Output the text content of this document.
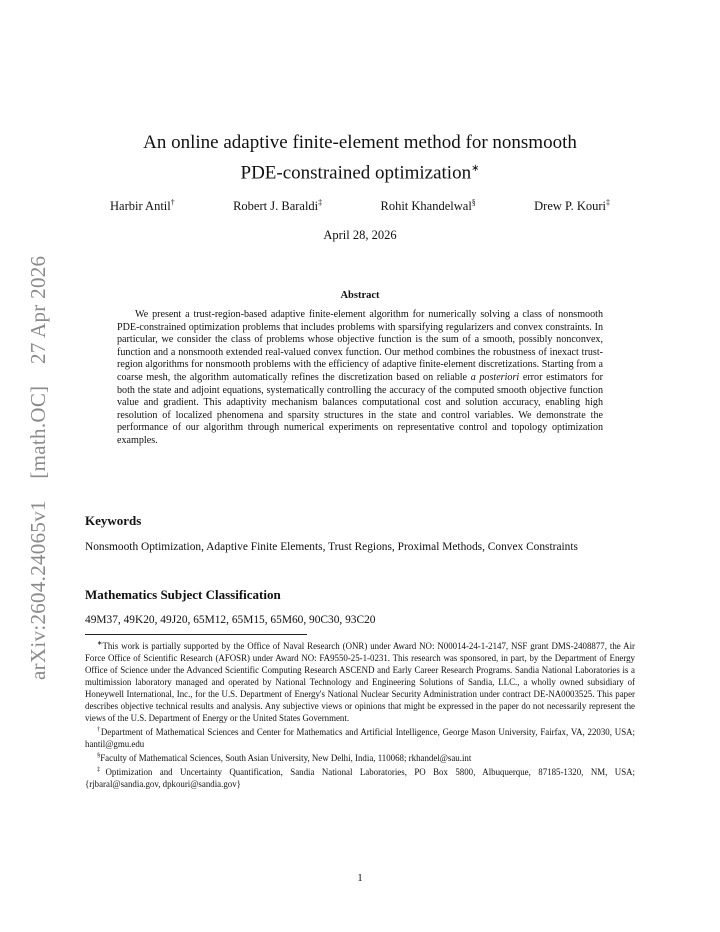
arXiv:2604.24065v1 [math.OC] 27 Apr 2026
An online adaptive finite-element method for nonsmooth
PDE-constrained optimization∗
Harbir Antil†	Robert J. Baraldi‡	Rohit Khandelwal§	Drew P. Kouri‡
April 28, 2026
Abstract
We present a trust-region-based adaptive finite-element algorithm for numerically solving a class of nonsmooth PDE-constrained optimization problems that includes problems with sparsifying regularizers and convex constraints. In particular, we consider the class of problems whose objective function is the sum of a smooth, possibly nonconvex, function and a nonsmooth extended real-valued convex function. Our method combines the robustness of inexact trust-region algorithms for nonsmooth problems with the efficiency of adaptive finite-element discretizations. Starting from a coarse mesh, the algorithm automatically refines the discretization based on reliable a posteriori error estimators for both the state and adjoint equations, systematically controlling the accuracy of the computed smooth objective function value and gradient. This adaptivity mechanism balances computational cost and solution accuracy, enabling high resolution of localized phenomena and sparsity structures in the state and control variables. We demonstrate the performance of our algorithm through numerical experiments on representative control and topology optimization examples.
Keywords
Nonsmooth Optimization, Adaptive Finite Elements, Trust Regions, Proximal Methods, Convex Constraints
Mathematics Subject Classification
49M37, 49K20, 49J20, 65M12, 65M15, 65M60, 90C30, 93C20

∗This work is partially supported by the Office of Naval Research (ONR) under Award NO: N00014-24-1-2147, NSF grant DMS-2408877, the Air Force Office of Scientific Research (AFOSR) under Award NO: FA9550-25-1-0231. This research was sponsored, in part, by the Department of Energy Office of Science under the Advanced Scientific Computing Research ASCEND and Early Career Research Programs. Sandia National Laboratories is a multimission laboratory managed and operated by National Technology and Engineering Solutions of Sandia, LLC., a wholly owned subsidiary of Honeywell International, Inc., for the U.S. Department of Energy's National Nuclear Security Administration under contract DE-NA0003525. This paper describes objective technical results and analysis. Any subjective views or opinions that might be expressed in the paper do not necessarily represent the views of the U.S. Department of Energy or the United States Government.

†Department of Mathematical Sciences and Center for Mathematics and Artificial Intelligence, George Mason University, Fairfax, VA, 22030, USA; hantil@gmu.edu

§Faculty of Mathematical Sciences, South Asian University, New Delhi, India, 110068; rkhandel@sau.int

‡Optimization and Uncertainty Quantification, Sandia National Laboratories, PO Box 5800, Albuquerque, 87185-1320, NM, USA; {rjbaral@sandia.gov, dpkouri@sandia.gov}

1
